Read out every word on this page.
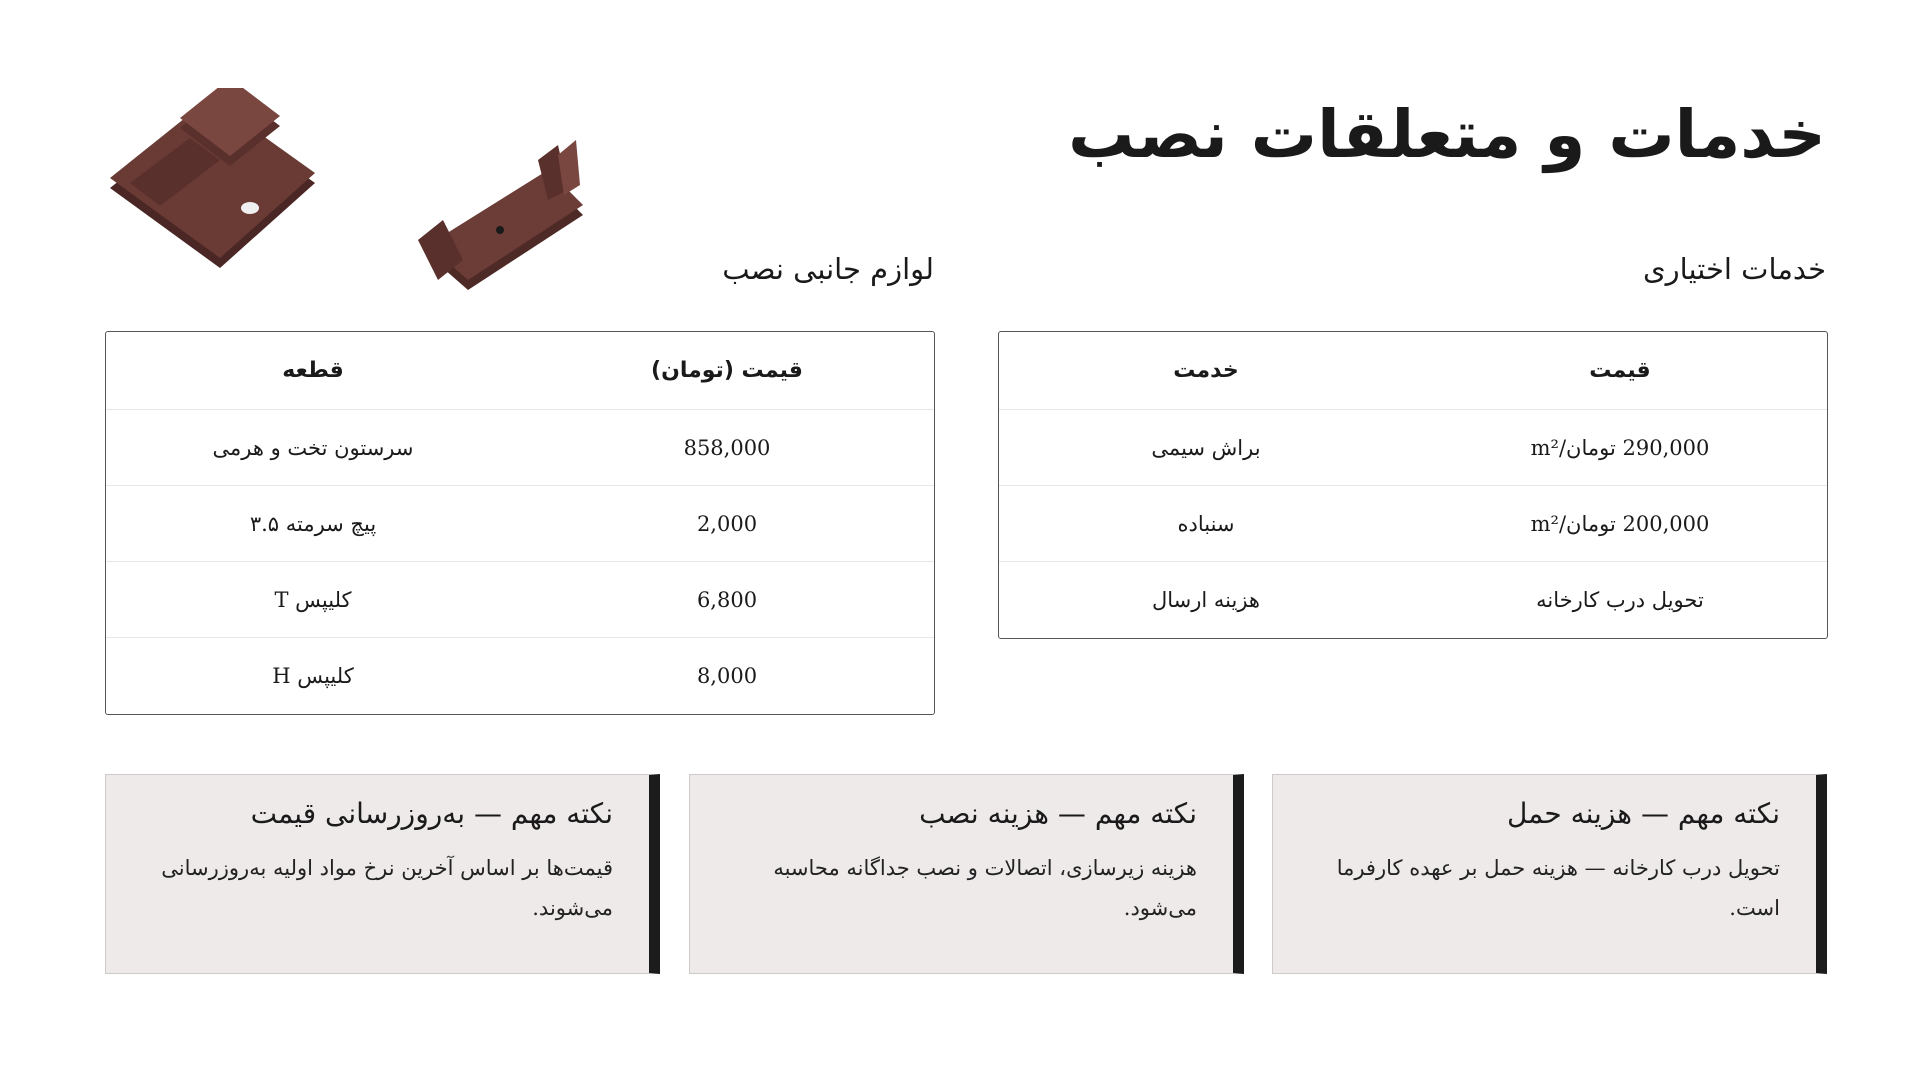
خدمات و متعلقات نصب
خدمات اختیاری
لوازم جانبی نصب
قیمت
خدمت
290,000 تومان/m²
براش سیمی
200,000 تومان/m²
سنباده
تحویل درب کارخانه
هزینه ارسال
قیمت (تومان)
قطعه
858,000
سرستون تخت و هرمی
2,000
پیچ سرمته ۳.۵
6,800
کلیپس T
8,000
کلیپس H
نکته مهم — هزینه حمل
تحویل درب کارخانه — هزینه حمل بر عهده کارفرما است.
نکته مهم — هزینه نصب
هزینه زیرسازی، اتصالات و نصب جداگانه محاسبه می‌شود.
نکته مهم — به‌روزرسانی قیمت
قیمت‌ها بر اساس آخرین نرخ مواد اولیه به‌روزرسانی می‌شوند.
